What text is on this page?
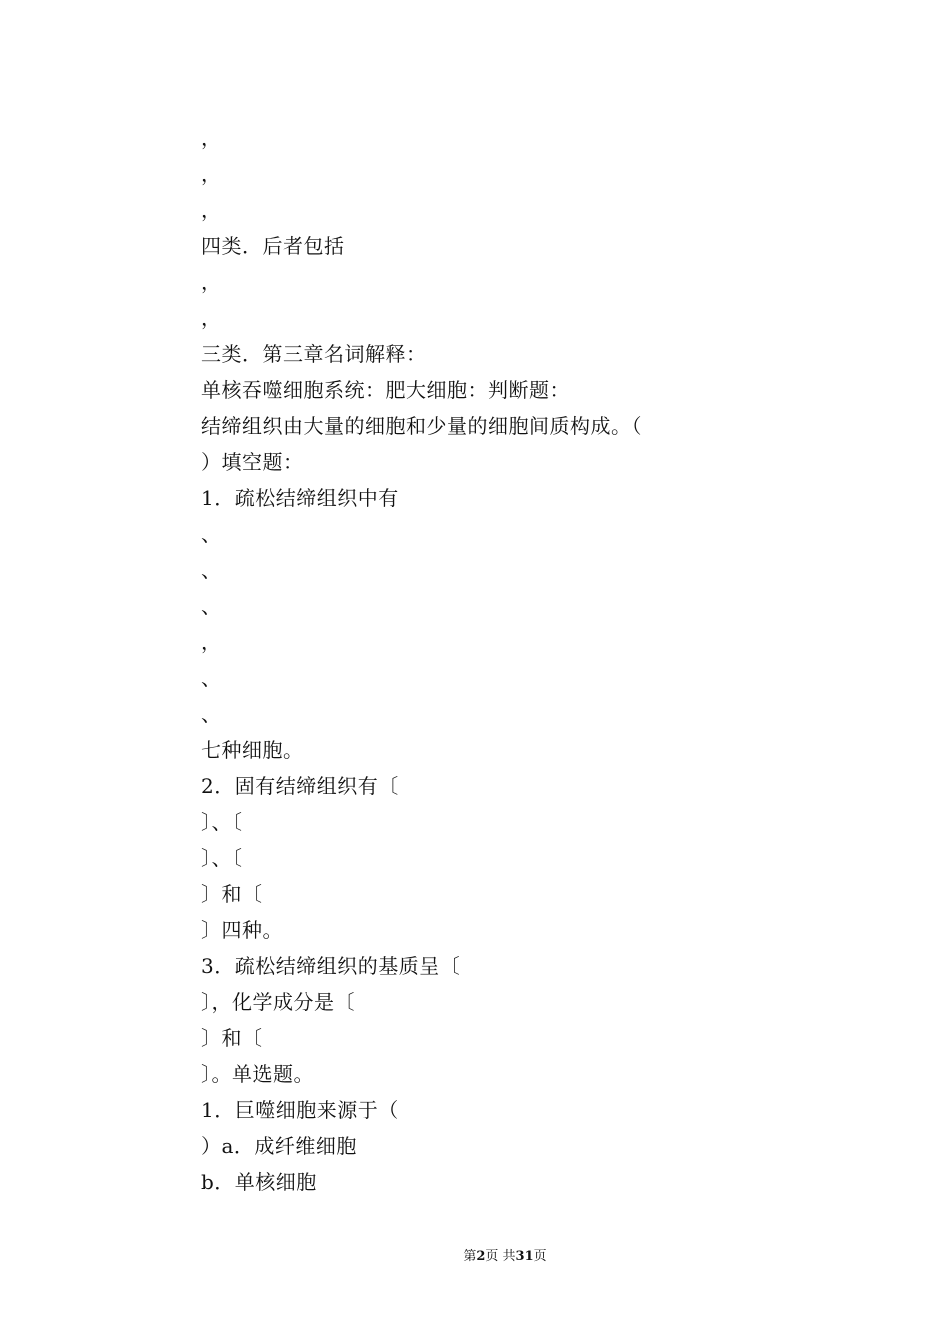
，
，
，
四类．后者包括
，
，
三类．第三章名词解释：
单核吞噬细胞系统：肥大细胞：判断题：
结缔组织由大量的细胞和少量的细胞间质构成。（
）填空题：
1．疏松结缔组织中有
、
、
、
，
、
、
七种细胞。
2．固有结缔组织有〔
〕、〔
〕、〔
〕和〔
〕四种。
3．疏松结缔组织的基质呈〔
〕，化学成分是〔
〕和〔
〕。单选题。
1．巨噬细胞来源于（
）a．成纤维细胞
b．单核细胞
第2页 共31页
